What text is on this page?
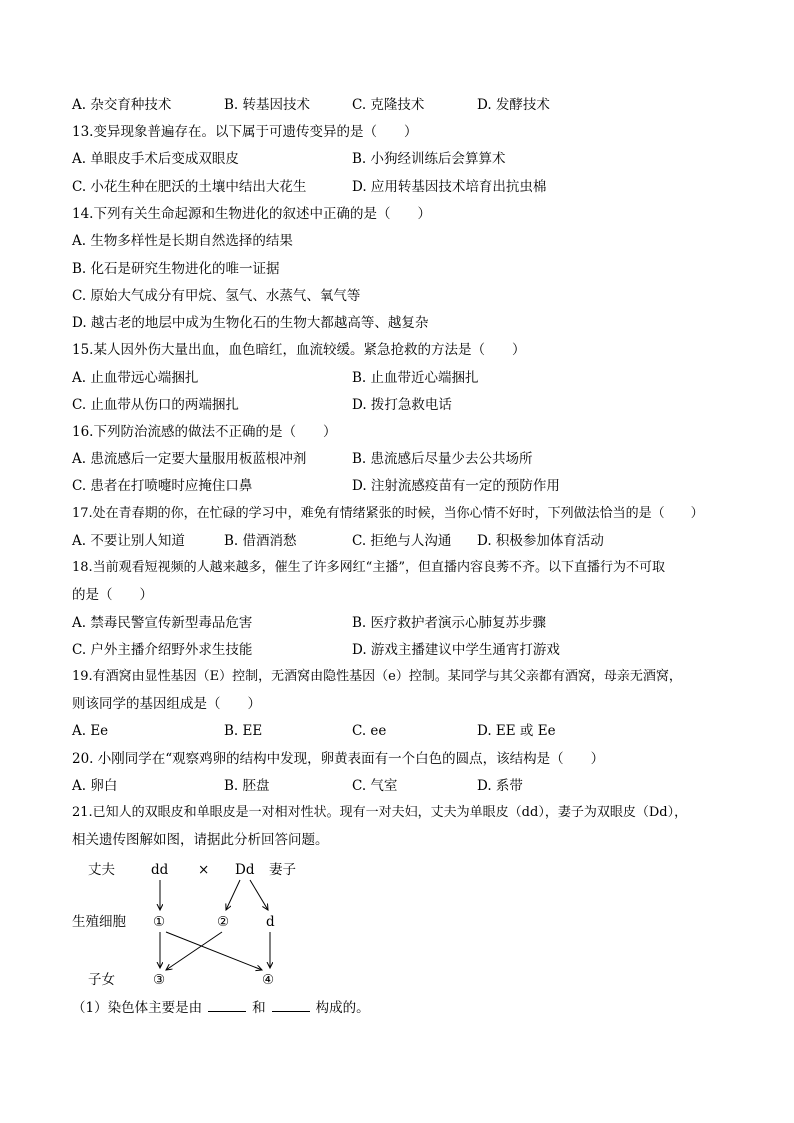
A. 杂交育种技术	B. 转基因技术	C. 克隆技术	D. 发酵技术
13.变异现象普遍存在。以下属于可遗传变异的是（　　）
A. 单眼皮手术后变成双眼皮	B. 小狗经训练后会算算术
C. 小花生种在肥沃的土壤中结出大花生	D. 应用转基因技术培育出抗虫棉
14.下列有关生命起源和生物进化的叙述中正确的是（　　）
A. 生物多样性是长期自然选择的结果
B. 化石是研究生物进化的唯一证据
C. 原始大气成分有甲烷、氢气、水蒸气、氧气等
D. 越古老的地层中成为生物化石的生物大都越高等、越复杂
15.某人因外伤大量出血，血色暗红，血流较缓。紧急抢救的方法是（　　）
A. 止血带远心端捆扎	B. 止血带近心端捆扎
C. 止血带从伤口的两端捆扎	D. 拨打急救电话
16.下列防治流感的做法不正确的是（　　）
A. 患流感后一定要大量服用板蓝根冲剂	B. 患流感后尽量少去公共场所
C. 患者在打喷嚏时应掩住口鼻	D. 注射流感疫苗有一定的预防作用
17.处在青春期的你，在忙碌的学习中，难免有情绪紧张的时候，当你心情不好时，下列做法恰当的是（　　）
A. 不要让别人知道	B. 借酒消愁	C. 拒绝与人沟通 D. 积极参加体育活动
18.当前观看短视频的人越来越多，催生了许多网红“主播”，但直播内容良莠不齐。以下直播行为不可取
的是（　　）
A. 禁毒民警宣传新型毒品危害	B. 医疗救护者演示心肺复苏步骤
C. 户外主播介绍野外求生技能	D. 游戏主播建议中学生通宵打游戏
19.有酒窝由显性基因（E）控制，无酒窝由隐性基因（e）控制。某同学与其父亲都有酒窝，母亲无酒窝，
则该同学的基因组成是（　　）
A. Ee	B. EE	C. ee	D. EE 或 Ee
20. 小刚同学在“观察鸡卵的结构中发现，卵黄表面有一个白色的圆点，该结构是（　　）
A. 卵白	B. 胚盘	C. 气室	D. 系带
21.已知人的双眼皮和单眼皮是一对相对性状。现有一对夫妇，丈夫为单眼皮（dd），妻子为双眼皮（Dd），
相关遗传图解如图，请据此分析回答问题。
丈夫	dd × Dd 妻子
生殖细胞 ①	②	d
子女	③	④
（1）染色体主要是由	和	构成的。
